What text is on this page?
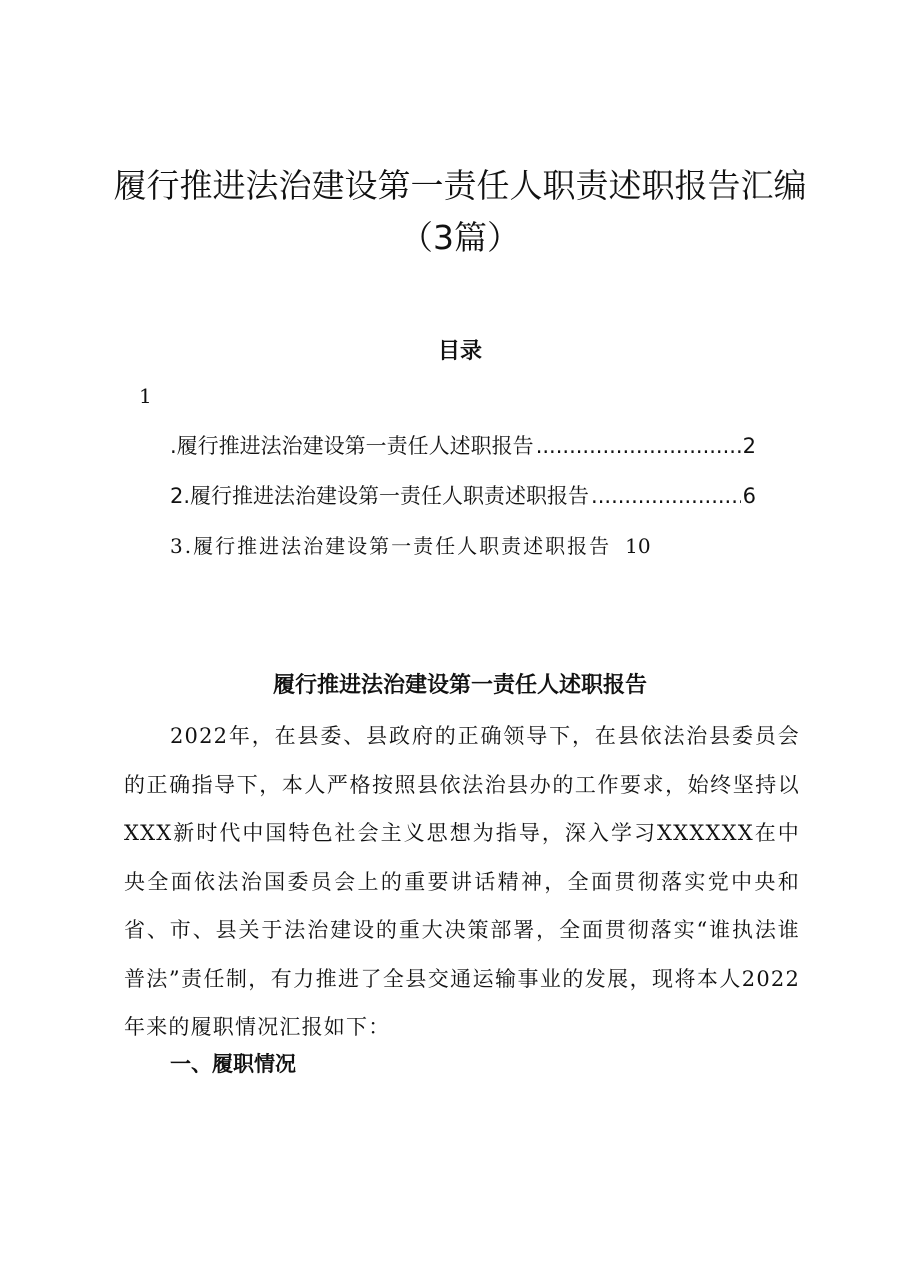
履行推进法治建设第一责任人职责述职报告汇编（3篇）
目录
1
.履行推进法治建设第一责任人述职报告 .....	2
2.履行推进法治建设第一责任人职责述职报告 .....	6
3.履行推进法治建设第一责任人职责述职报告 10
履行推进法治建设第一责任人述职报告

2022年，在县委、县政府的正确领导下，在县依法治县委员会的正确指导下，本人严格按照县依法治县办的工作要求，始终坚持以XXX新时代中国特色社会主义思想为指导，深入学习XXXXXX在中央全面依法治国委员会上的重要讲话精神，全面贯彻落实党中央和省、市、县关于法治建设的重大决策部署，全面贯彻落实“谁执法谁普法”责任制，有力推进了全县交通运输事业的发展，现将本人2022年来的履职情况汇报如下：

一、履职情况
